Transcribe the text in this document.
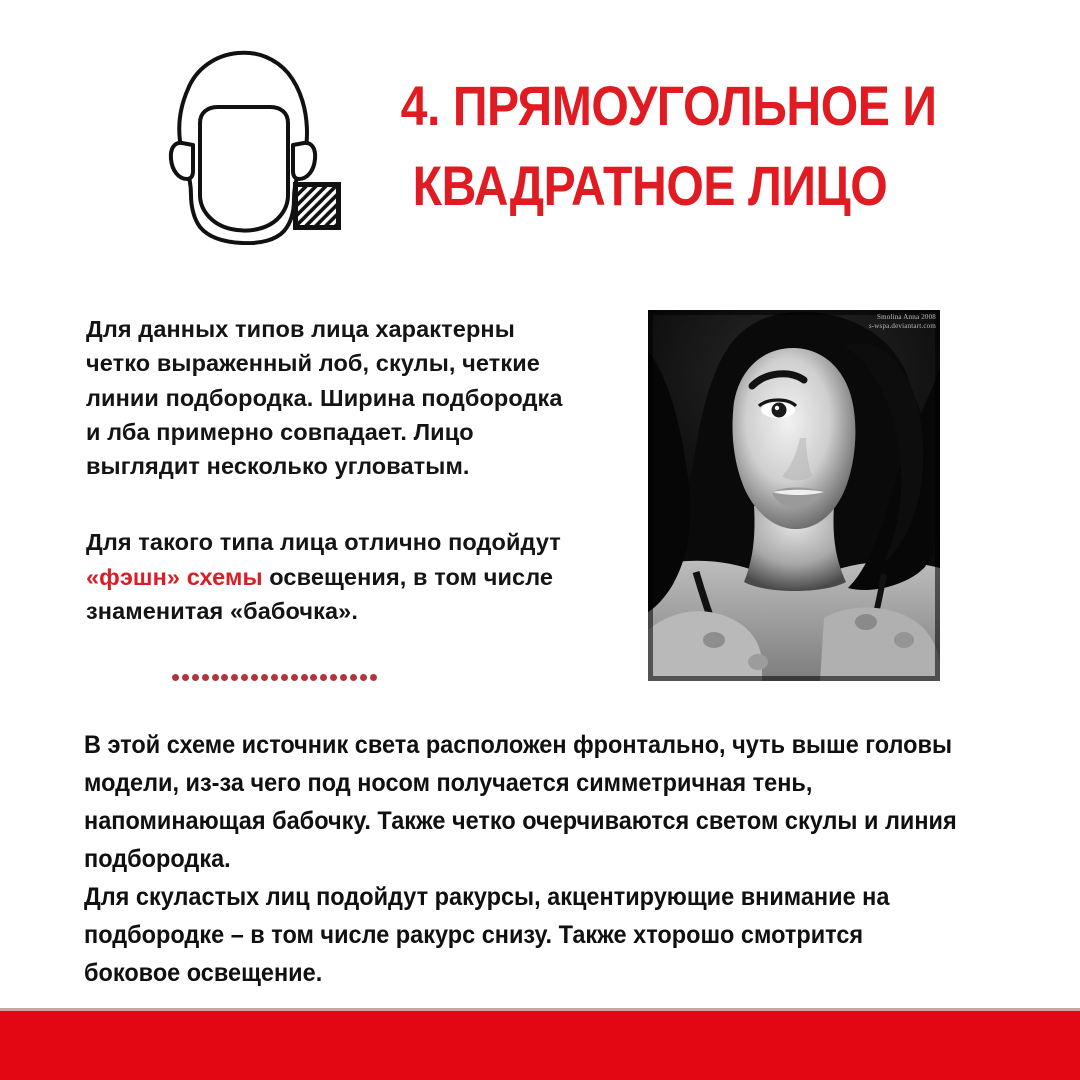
4. ПРЯМОУГОЛЬНОЕ И
КВАДРАТНОЕ ЛИЦО
Для данных типов лица характерны четко выраженный лоб, скулы, четкие линии подбородка. Ширина подбородка и лба примерно совпадает. Лицо выглядит несколько угловатым.
Для такого типа лица отлично подойдут «фэшн» схемы освещения, в том числе знаменитая «бабочка».
Smolina Anna 2008
s-wspa.deviantart.com
В этой схеме источник света расположен фронтально, чуть выше головы модели, из-за чего под носом получается симметричная тень, напоминающая бабочку. Также четко очерчиваются светом скулы и линия подбородка.
Для скуластых лиц подойдут ракурсы, акцентирующие внимание на подбородке – в том числе ракурс снизу. Также хторошо смотрится боковое освещение.
